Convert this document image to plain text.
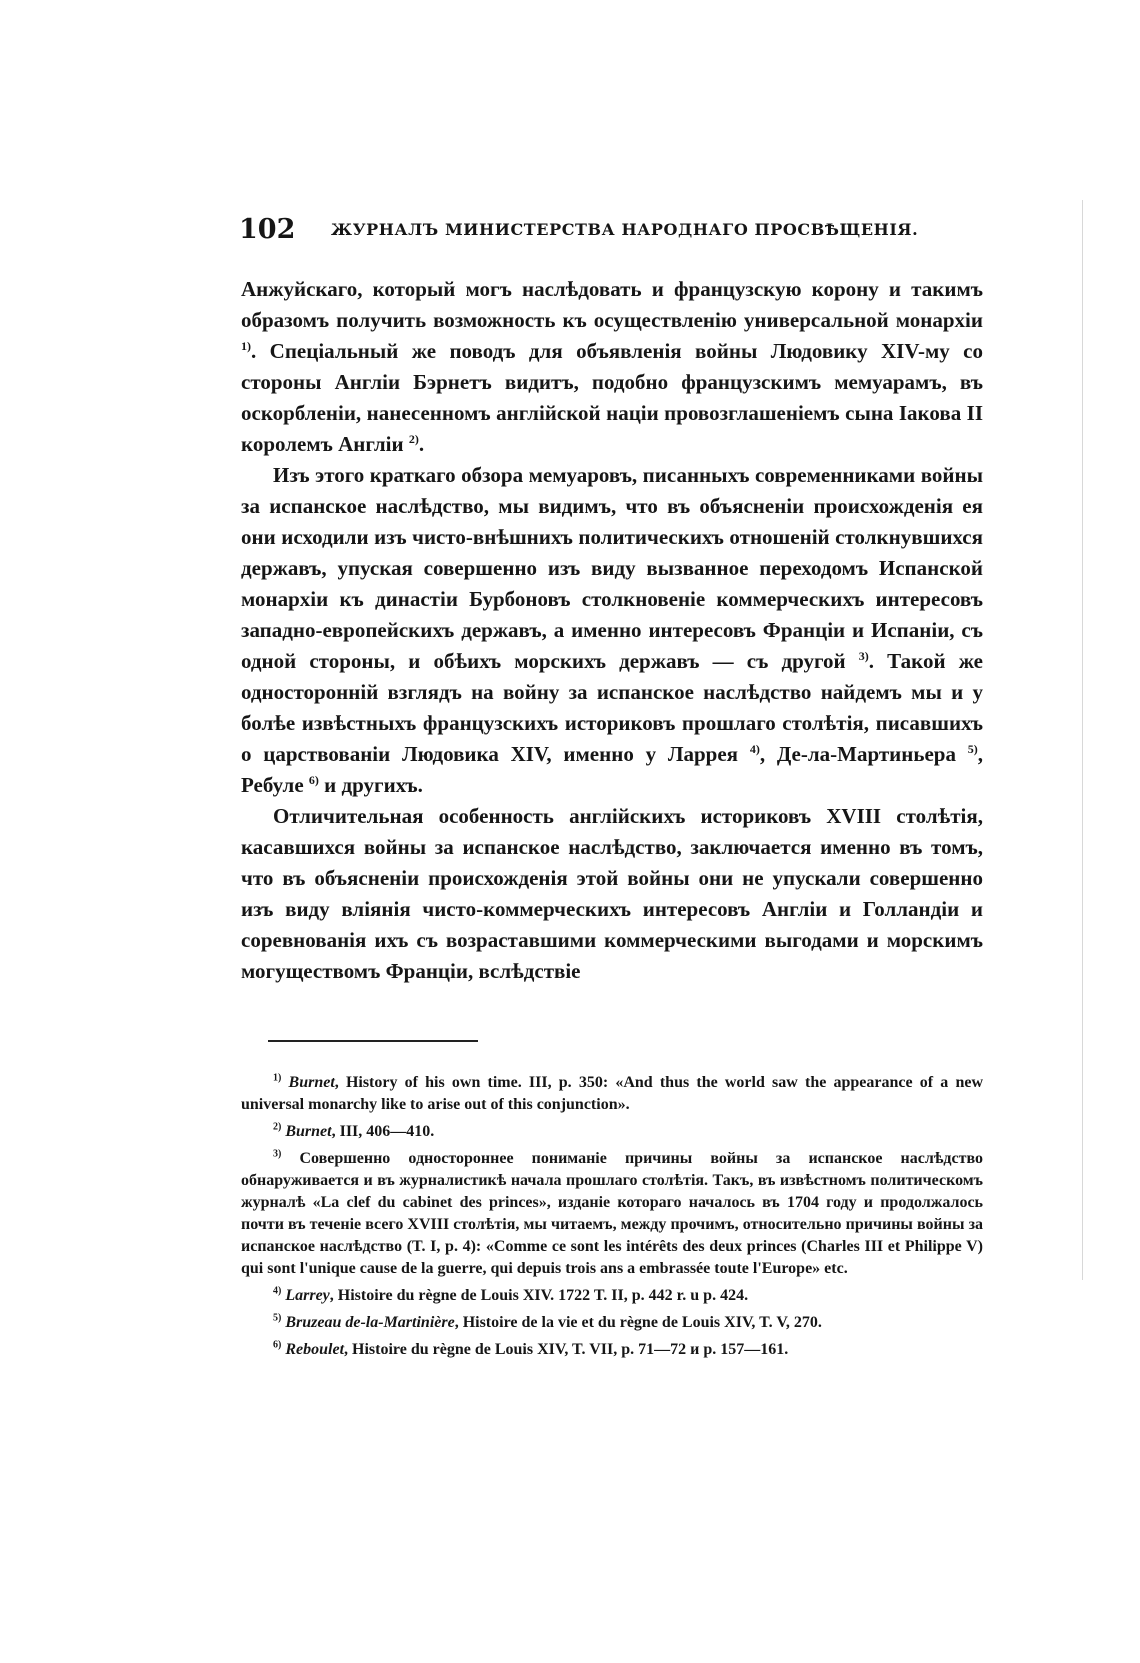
102 ЖУРНАЛЪ МИНИСТЕРСТВА НАРОДНАГО ПРОСВѢЩЕНІЯ.

Анжуйскаго, который могъ наслѣдовать и французскую корону и такимъ образомъ получить возможность къ осуществленію универсальной монархіи $^{1)}$. Спеціальный же поводъ для объявленія войны Людовику XIV-му со стороны Англіи Бэрнетъ видитъ, подобно французскимъ мемуарамъ, въ оскорбленіи, нанесенномъ англійской націи провозглашеніемъ сына Іакова II королемъ Англіи $^{2)}$.

Изъ этого краткаго обзора мемуаровъ, писанныхъ современниками войны за испанское наслѣдство, мы видимъ, что въ объясненіи происхожденія ея они исходили изъ чисто-внѣшнихъ политическихъ отношеній столкнувшихся державъ, упуская совершенно изъ виду вызванное переходомъ Испанской монархіи къ династіи Бурбоновъ столкновеніе коммерческихъ интересовъ западно-европейскихъ державъ, а именно интересовъ Франціи и Испаніи, съ одной стороны, и обѣихъ морскихъ державъ — съ другой $^{3)}$. Такой же односторонній взглядъ на войну за испанское наслѣдство найдемъ мы и у болѣе извѣстныхъ французскихъ историковъ прошлаго столѣтія, писавшихъ о царствованіи Людовика XIV, именно у Ларрея $^{4)}$, Де-ла-Мартиньера $^{5)}$, Ребуле $^{6)}$ и другихъ.

Отличительная особенность англійскихъ историковъ XVIII столѣтія, касавшихся войны за испанское наслѣдство, заключается именно въ томъ, что въ объясненіи происхожденія этой войны они не упускали совершенно изъ виду вліянія чисто-коммерческихъ интересовъ Англіи и Голландіи и соревнованія ихъ съ возраставшими коммерческими выгодами и морскимъ могуществомъ Франціи, вслѣдствіе

$^{1)}$ Burnet, History of his own time. III, p. 350: «And thus the world saw the appearance of a new universal monarchy like to arise out of this conjunction».

$^{2)}$ Burnet, III, 406—410.

$^{3)}$ Совершенно одностороннее пониманіе причины войны за испанское наслѣдство обнаруживается и въ журналистикѣ начала прошлаго столѣтія. Такъ, въ извѣстномъ политическомъ журналѣ «La clef du cabinet des princes», изданіе котораго началось въ 1704 году и продолжалось почти въ теченіе всего XVIII столѣтія, мы читаемъ, между прочимъ, относительно причины войны за испанское наслѣдство (T. I, p. 4): «Comme ce sont les intérêts des deux princes (Charles III et Philippe V) qui sont l'unique cause de la guerre, qui depuis trois ans a embrassée toute l'Europe» etc.

$^{4)}$ Larrey, Histoire du règne de Louis XIV. 1722 T. II, p. 442 r. u p. 424.

$^{5)}$ Bruzeau de-la-Martinière, Histoire de la vie et du règne de Louis XIV, T. V, 270.

$^{6)}$ Reboulet, Histoire du règne de Louis XIV, T. VII, p. 71—72 и p. 157—161.
